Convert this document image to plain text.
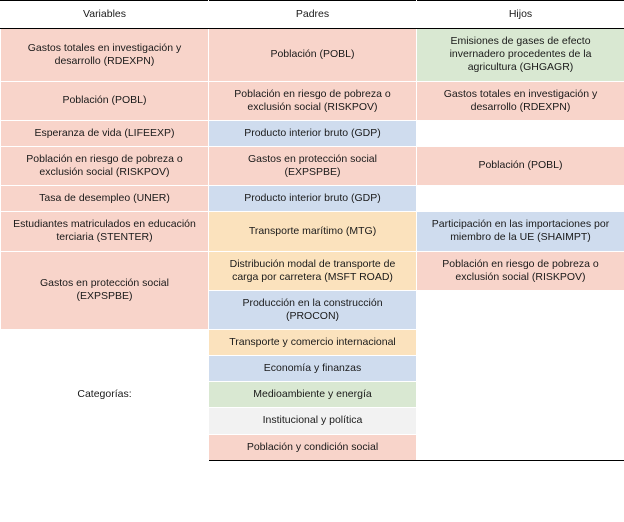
Variables	Padres	Hijos
Gastos totales en investigación y desarrollo (RDEXPN)	Población (POBL)	Emisiones de gases de efecto invernadero procedentes de la agricultura (GHGAGR)
Población (POBL)	Población en riesgo de pobreza o exclusión social (RISKPOV)	Gastos totales en investigación y desarrollo (RDEXPN)
Esperanza de vida (LIFEEXP)	Producto interior bruto (GDP)	
Población en riesgo de pobreza o exclusión social (RISKPOV)	Gastos en protección social (EXPSPBE)	Población (POBL)
Tasa de desempleo (UNER)	Producto interior bruto (GDP)	
Estudiantes matriculados en educación terciaria (STENTER)	Transporte marítimo (MTG)	Participación en las importaciones por miembro de la UE (SHAIMPT)
Gastos en protección social (EXPSPBE)	Distribución modal de transporte de carga por carretera (MSFT ROAD)	Población en riesgo de pobreza o exclusión social (RISKPOV)
	Producción en la construcción (PROCON)	
Categorías:	Transporte y comercio internacional	
	Economía y finanzas	
	Medioambiente y energía	
	Institucional y política	
	Población y condición social	
